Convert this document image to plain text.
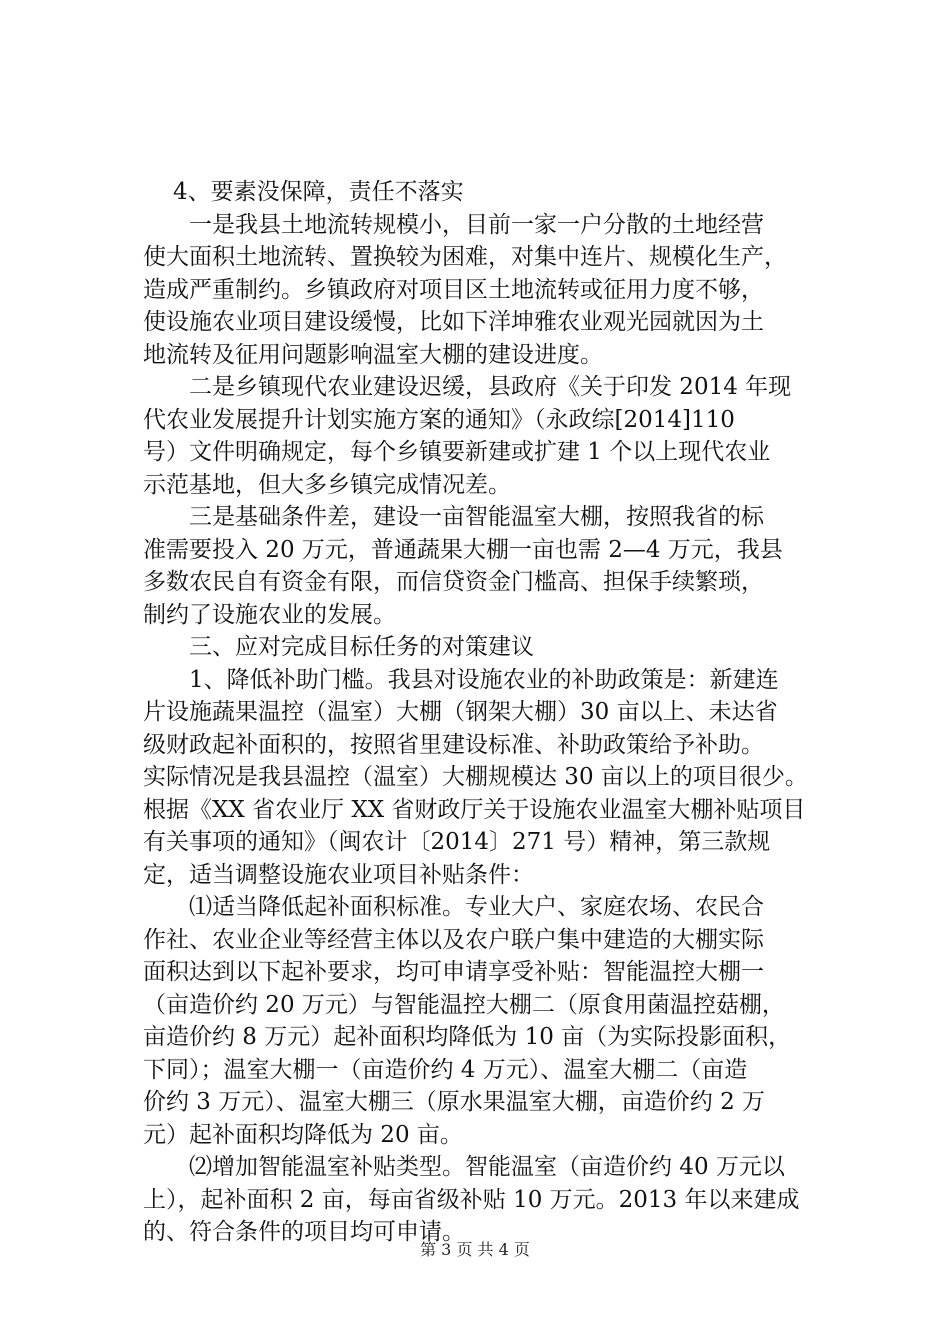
4、要素没保障，责任不落实
一是我县土地流转规模小，目前一家一户分散的土地经营
使大面积土地流转、置换较为困难，对集中连片、规模化生产，
造成严重制约。乡镇政府对项目区土地流转或征用力度不够，
使设施农业项目建设缓慢，比如下洋坤雅农业观光园就因为土
地流转及征用问题影响温室大棚的建设进度。
二是乡镇现代农业建设迟缓，县政府《关于印发 2014 年现
代农业发展提升计划实施方案的通知》（永政综[2014]110
号）文件明确规定，每个乡镇要新建或扩建 1 个以上现代农业
示范基地，但大多乡镇完成情况差。
三是基础条件差，建设一亩智能温室大棚，按照我省的标
准需要投入 20 万元，普通蔬果大棚一亩也需 2—4 万元，我县
多数农民自有资金有限，而信贷资金门槛高、担保手续繁琐，
制约了设施农业的发展。
三、应对完成目标任务的对策建议
1、降低补助门槛。我县对设施农业的补助政策是：新建连
片设施蔬果温控（温室）大棚（钢架大棚）30 亩以上、未达省
级财政起补面积的，按照省里建设标准、补助政策给予补助。
实际情况是我县温控（温室）大棚规模达 30 亩以上的项目很少。
根据《XX 省农业厅 XX 省财政厅关于设施农业温室大棚补贴项目
有关事项的通知》（闽农计〔2014〕271 号）精神，第三款规
定，适当调整设施农业项目补贴条件：
⑴适当降低起补面积标准。专业大户、家庭农场、农民合
作社、农业企业等经营主体以及农户联户集中建造的大棚实际
面积达到以下起补要求，均可申请享受补贴：智能温控大棚一
（亩造价约 20 万元）与智能温控大棚二（原食用菌温控菇棚，
亩造价约 8 万元）起补面积均降低为 10 亩（为实际投影面积，
下同）；温室大棚一（亩造价约 4 万元）、温室大棚二（亩造
价约 3 万元）、温室大棚三（原水果温室大棚，亩造价约 2 万
元）起补面积均降低为 20 亩。
⑵增加智能温室补贴类型。智能温室（亩造价约 40 万元以
上），起补面积 2 亩，每亩省级补贴 10 万元。2013 年以来建成
的、符合条件的项目均可申请。
第 3 页 共 4 页
